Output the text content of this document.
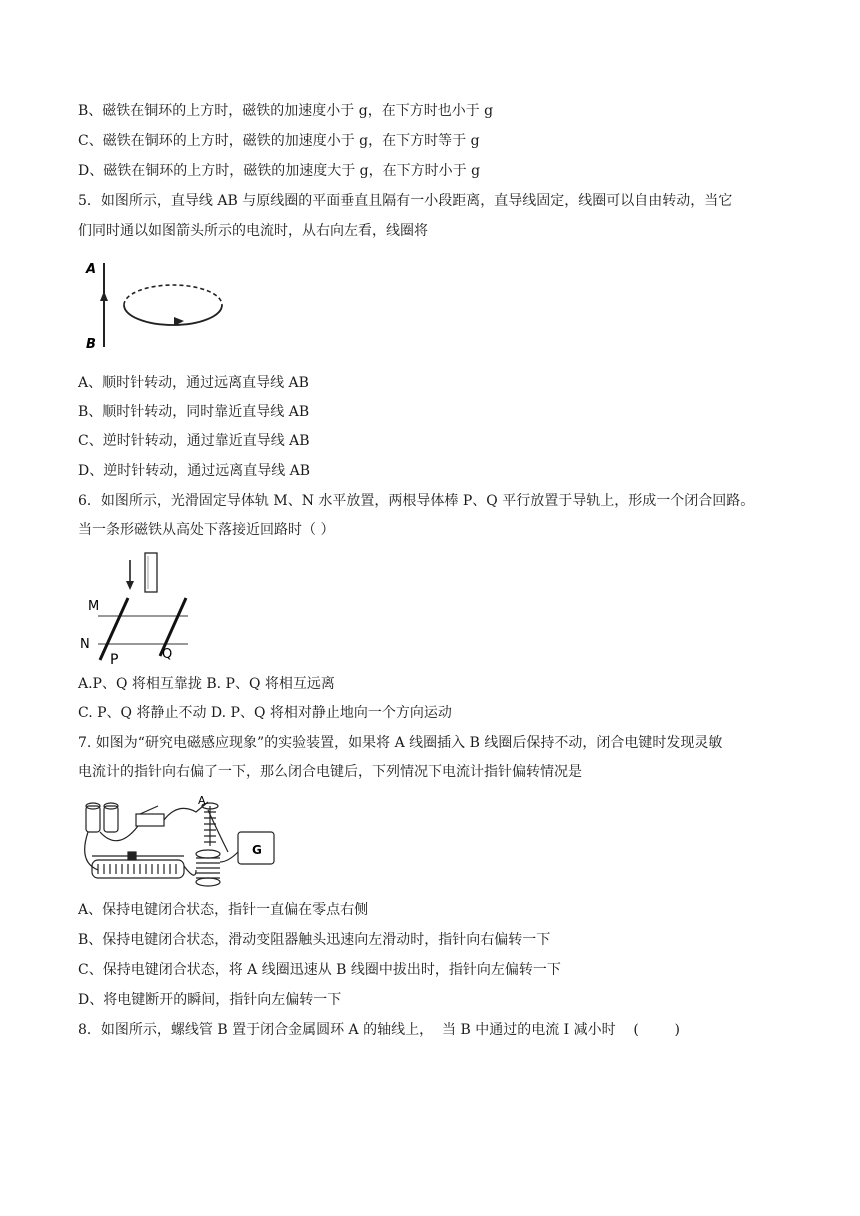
B、磁铁在铜环的上方时，磁铁的加速度小于 g，在下方时也小于 g
C、磁铁在铜环的上方时，磁铁的加速度小于 g，在下方时等于 g
D、磁铁在铜环的上方时，磁铁的加速度大于 g，在下方时小于 g
5．如图所示，直导线 AB 与原线圈的平面垂直且隔有一小段距离，直导线固定，线圈可以自由转动，当它
们同时通以如图箭头所示的电流时，从右向左看，线圈将
A
B
A、顺时针转动，通过远离直导线 AB
B、顺时针转动，同时靠近直导线 AB
C、逆时针转动，通过靠近直导线 AB
D、逆时针转动，通过远离直导线 AB
6．如图所示，光滑固定导体轨 M、N 水平放置，两根导体棒 P、Q 平行放置于导轨上，形成一个闭合回路。
当一条形磁铁从高处下落接近回路时（ ）
M
N
P	Q
A.P、Q 将相互靠拢 B. P、Q 将相互远离
C. P、Q 将静止不动 D. P、Q 将相对静止地向一个方向运动
7. 如图为“研究电磁感应现象”的实验装置，如果将 A 线圈插入 B 线圈后保持不动，闭合电键时发现灵敏
电流计的指针向右偏了一下，那么闭合电键后，下列情况下电流计指针偏转情况是
A
G
A、保持电键闭合状态，指针一直偏在零点右侧
B、保持电键闭合状态，滑动变阻器触头迅速向左滑动时，指针向右偏转一下
C、保持电键闭合状态，将 A 线圈迅速从 B 线圈中拔出时，指针向左偏转一下
D、将电键断开的瞬间，指针向左偏转一下
8．如图所示，螺线管 B 置于闭合金属圆环 A 的轴线上，  当 B 中通过的电流 I 减小时    (        )
